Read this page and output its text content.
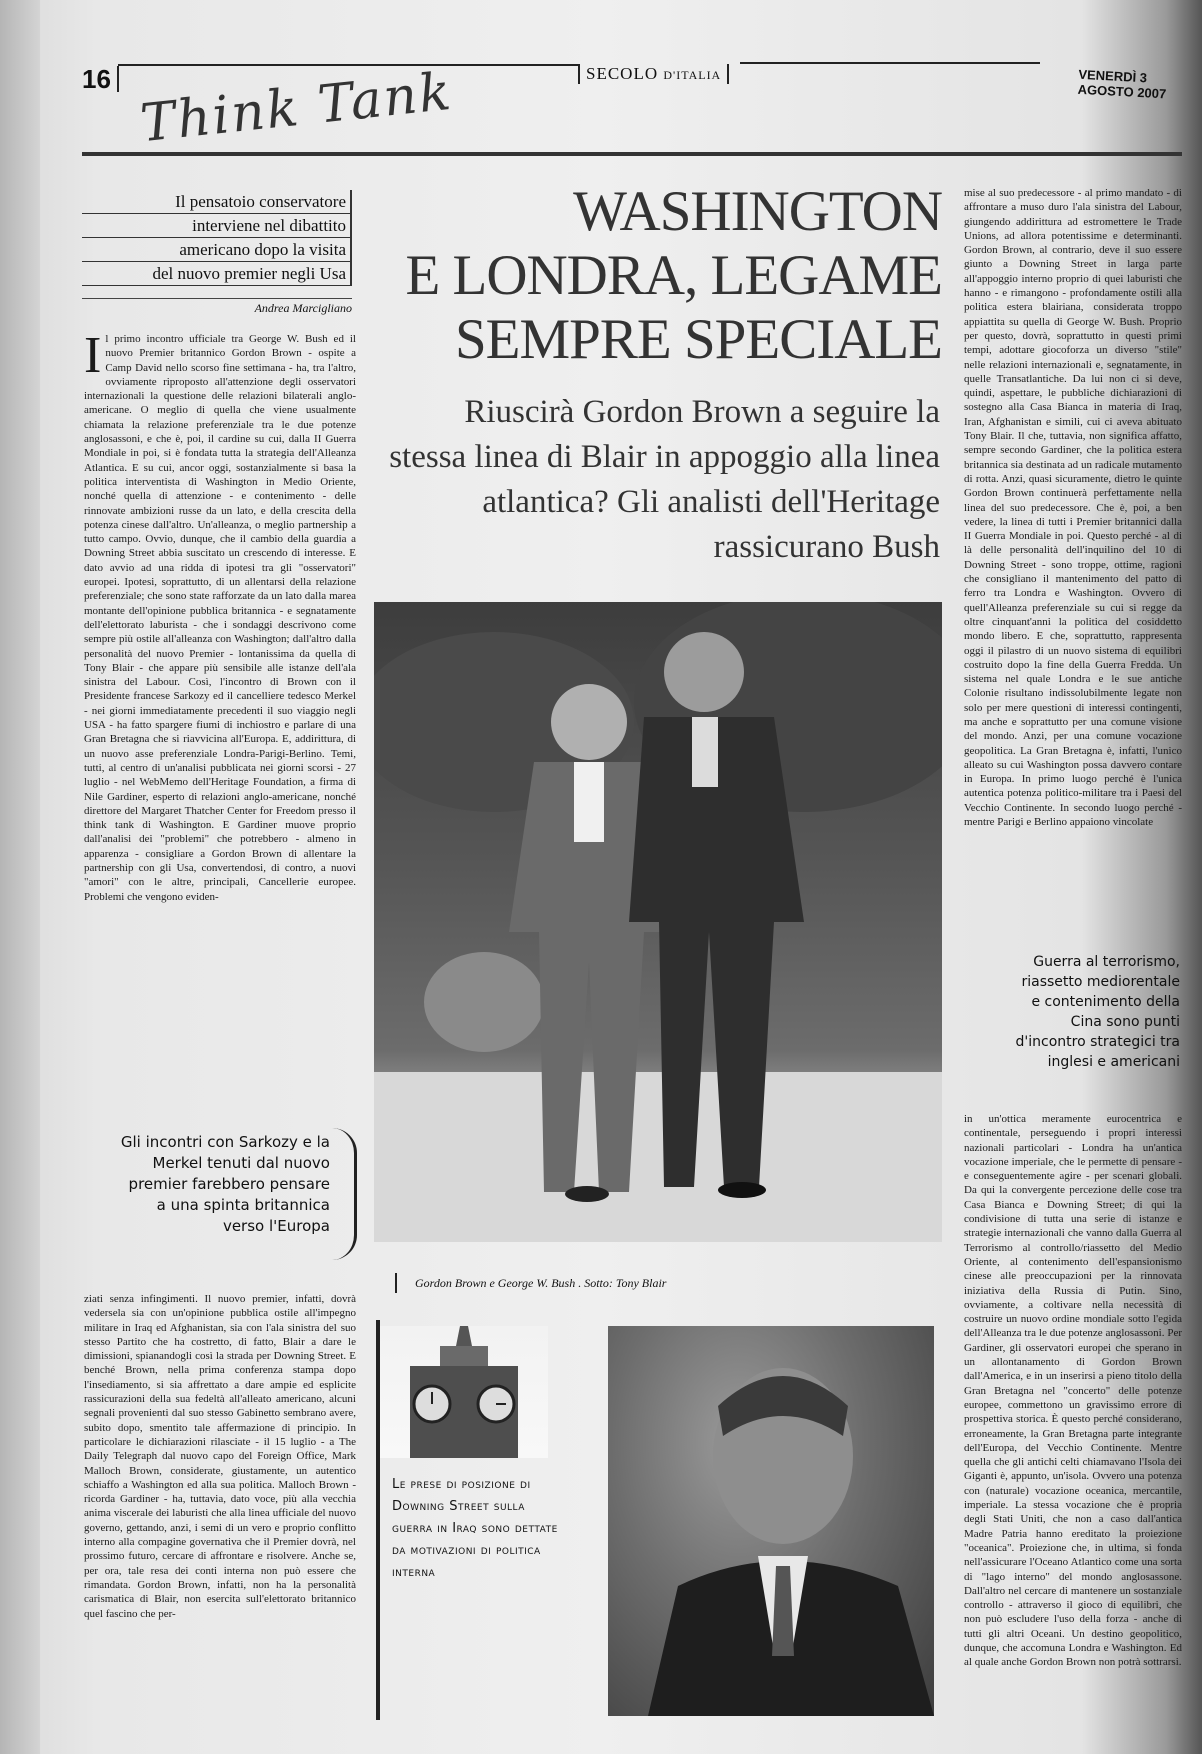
16	SECOLO D'ITALIA	VENERDÌ 3 AGOSTO 2007
Think Tank
Il pensatoio conservatore
interviene nel dibattito
americano dopo la visita
del nuovo premier negli Usa
Andrea Marcigliano
WASHINGTON
E LONDRA, LEGAME
SEMPRE SPECIALE
Riuscirà Gordon Brown a seguire la stessa linea di Blair in appoggio alla linea atlantica? Gli analisti dell'Heritage rassicurano Bush
Il primo incontro ufficiale tra George W. Bush ed il nuovo Premier britannico Gordon Brown - ospite a Camp David nello scorso fine settimana - ha, tra l'altro, ovviamente riproposto all'attenzione degli osservatori internazionali la questione delle relazioni bilaterali anglo-americane. O meglio di quella che viene usualmente chiamata la relazione preferenziale tra le due potenze anglosassoni, e che è, poi, il cardine su cui, dalla II Guerra Mondiale in poi, si è fondata tutta la strategia dell'Alleanza Atlantica. E su cui, ancor oggi, sostanzialmente si basa la politica interventista di Washington in Medio Oriente, nonché quella di attenzione - e contenimento - delle rinnovate ambizioni russe da un lato, e della crescita della potenza cinese dall'altro. Un'alleanza, o meglio partnership a tutto campo. Ovvio, dunque, che il cambio della guardia a Downing Street abbia suscitato un crescendo di interesse. E dato avvio ad una ridda di ipotesi tra gli "osservatori" europei. Ipotesi, soprattutto, di un allentarsi della relazione preferenziale; che sono state rafforzate da un lato dalla marea montante dell'opinione pubblica britannica - e segnatamente dell'elettorato laburista - che i sondaggi descrivono come sempre più ostile all'alleanza con Washington; dall'altro dalla personalità del nuovo Premier - lontanissima da quella di Tony Blair - che appare più sensibile alle istanze dell'ala sinistra del Labour. Così, l'incontro di Brown con il Presidente francese Sarkozy ed il cancelliere tedesco Merkel - nei giorni immediatamente precedenti il suo viaggio negli USA - ha fatto spargere fiumi di inchiostro e parlare di una Gran Bretagna che si riavvicina all'Europa. E, addirittura, di un nuovo asse preferenziale Londra-Parigi-Berlino. Temi, tutti, al centro di un'analisi pubblicata nei giorni scorsi - 27 luglio - nel WebMemo dell'Heritage Foundation, a firma di Nile Gardiner, esperto di relazioni anglo-americane, nonché direttore del Margaret Thatcher Center for Freedom presso il think tank di Washington. E Gardiner muove proprio dall'analisi dei "problemi" che potrebbero - almeno in apparenza - consigliare a Gordon Brown di allentare la partnership con gli Usa, convertendosi, di contro, a nuovi "amori" con le altre, principali, Cancellerie europee. Problemi che vengono eviden-
Gli incontri con Sarkozy e la Merkel tenuti dal nuovo premier farebbero pensare a una spinta britannica verso l'Europa
ziati senza infingimenti. Il nuovo premier, infatti, dovrà vedersela sia con un'opinione pubblica ostile all'impegno militare in Iraq ed Afghanistan, sia con l'ala sinistra del suo stesso Partito che ha costretto, di fatto, Blair a dare le dimissioni, spianandogli così la strada per Downing Street. E benché Brown, nella prima conferenza stampa dopo l'insediamento, si sia affrettato a dare ampie ed esplicite rassicurazioni della sua fedeltà all'alleato americano, alcuni segnali provenienti dal suo stesso Gabinetto sembrano avere, subito dopo, smentito tale affermazione di principio. In particolare le dichiarazioni rilasciate - il 15 luglio - a The Daily Telegraph dal nuovo capo del Foreign Office, Mark Malloch Brown, considerate, giustamente, un autentico schiaffo a Washington ed alla sua politica. Malloch Brown - ricorda Gardiner - ha, tuttavia, dato voce, più alla vecchia anima viscerale dei laburisti che alla linea ufficiale del nuovo governo, gettando, anzi, i semi di un vero e proprio conflitto interno alla compagine governativa che il Premier dovrà, nel prossimo futuro, cercare di affrontare e risolvere. Anche se, per ora, tale resa dei conti interna non può essere che rimandata. Gordon Brown, infatti, non ha la personalità carismatica di Blair, non esercita sull'elettorato britannico quel fascino che per-
Gordon Brown e George W. Bush . Sotto: Tony Blair
Guerra al terrorismo, riassetto mediorentale e contenimento della Cina sono punti d'incontro strategici tra inglesi e americani
mise al suo predecessore - al primo mandato - di affrontare a muso duro l'ala sinistra del Labour, giungendo addirittura ad estromettere le Trade Unions, ad allora potentissime e determinanti. Gordon Brown, al contrario, deve il suo essere giunto a Downing Street in larga parte all'appoggio interno proprio di quei laburisti che hanno - e rimangono - profondamente ostili alla politica estera blairiana, considerata troppo appiattita su quella di George W. Bush. Proprio per questo, dovrà, soprattutto in questi primi tempi, adottare giocoforza un diverso "stile" nelle relazioni internazionali e, segnatamente, in quelle Transatlantiche. Da lui non ci si deve, quindi, aspettare, le pubbliche dichiarazioni di sostegno alla Casa Bianca in materia di Iraq, Iran, Afghanistan e simili, cui ci aveva abituato Tony Blair. Il che, tuttavia, non significa affatto, sempre secondo Gardiner, che la politica estera britannica sia destinata ad un radicale mutamento di rotta. Anzi, quasi sicuramente, dietro le quinte Gordon Brown continuerà perfettamente nella linea del suo predecessore. Che è, poi, a ben vedere, la linea di tutti i Premier britannici dalla II Guerra Mondiale in poi. Questo perché - al di là delle personalità dell'inquilino del 10 di Downing Street - sono troppe, ottime, ragioni che consigliano il mantenimento del patto di ferro tra Londra e Washington. Ovvero di quell'Alleanza preferenziale su cui si regge da oltre cinquant'anni la politica del cosiddetto mondo libero. E che, soprattutto, rappresenta oggi il pilastro di un nuovo sistema di equilibri costruito dopo la fine della Guerra Fredda. Un sistema nel quale Londra e le sue antiche Colonie risultano indissolubilmente legate non solo per mere questioni di interessi contingenti, ma anche e soprattutto per una comune visione del mondo. Anzi, per una comune vocazione geopolitica. La Gran Bretagna è, infatti, l'unico alleato su cui Washington possa davvero contare in Europa. In primo luogo perché è l'unica autentica potenza politico-militare tra i Paesi del Vecchio Continente. In secondo luogo perché - mentre Parigi e Berlino appaiono vincolate
in un'ottica meramente eurocentrica e continentale, perseguendo i propri interessi nazionali particolari - Londra ha un'antica vocazione imperiale, che le permette di pensare - e conseguentemente agire - per scenari globali. Da qui la convergente percezione delle cose tra Casa Bianca e Downing Street; di qui la condivisione di tutta una serie di istanze e strategie internazionali che vanno dalla Guerra al Terrorismo al controllo/riassetto del Medio Oriente, al contenimento dell'espansionismo cinese alle preoccupazioni per la rinnovata iniziativa della Russia di Putin. Sino, ovviamente, a coltivare nella necessità di costruire un nuovo ordine mondiale sotto l'egida dell'Alleanza tra le due potenze anglosassoni. Per Gardiner, gli osservatori europei che sperano in un allontanamento di Gordon Brown dall'America, e in un inserirsi a pieno titolo della Gran Bretagna nel "concerto" delle potenze europee, commettono un gravissimo errore di prospettiva storica. È questo perché considerano, erroneamente, la Gran Bretagna parte integrante dell'Europa, del Vecchio Continente. Mentre quella che gli antichi celti chiamavano l'Isola dei Giganti è, appunto, un'isola. Ovvero una potenza con (naturale) vocazione oceanica, mercantile, imperiale. La stessa vocazione che è propria degli Stati Uniti, che non a caso dall'antica Madre Patria hanno ereditato la proiezione "oceanica". Proiezione che, in ultima, si fonda nell'assicurare l'Oceano Atlantico come una sorta di "lago interno" del mondo anglosassone. Dall'altro nel cercare di mantenere un sostanziale controllo - attraverso il gioco di equilibri, che non può escludere l'uso della forza - anche di tutti gli altri Oceani. Un destino geopolitico, dunque, che accomuna Londra e Washington. Ed al quale anche Gordon Brown non potrà sottrarsi.
Le prese di posizione di Downing Street sulla guerra in Iraq sono dettate da motivazioni di politica interna
